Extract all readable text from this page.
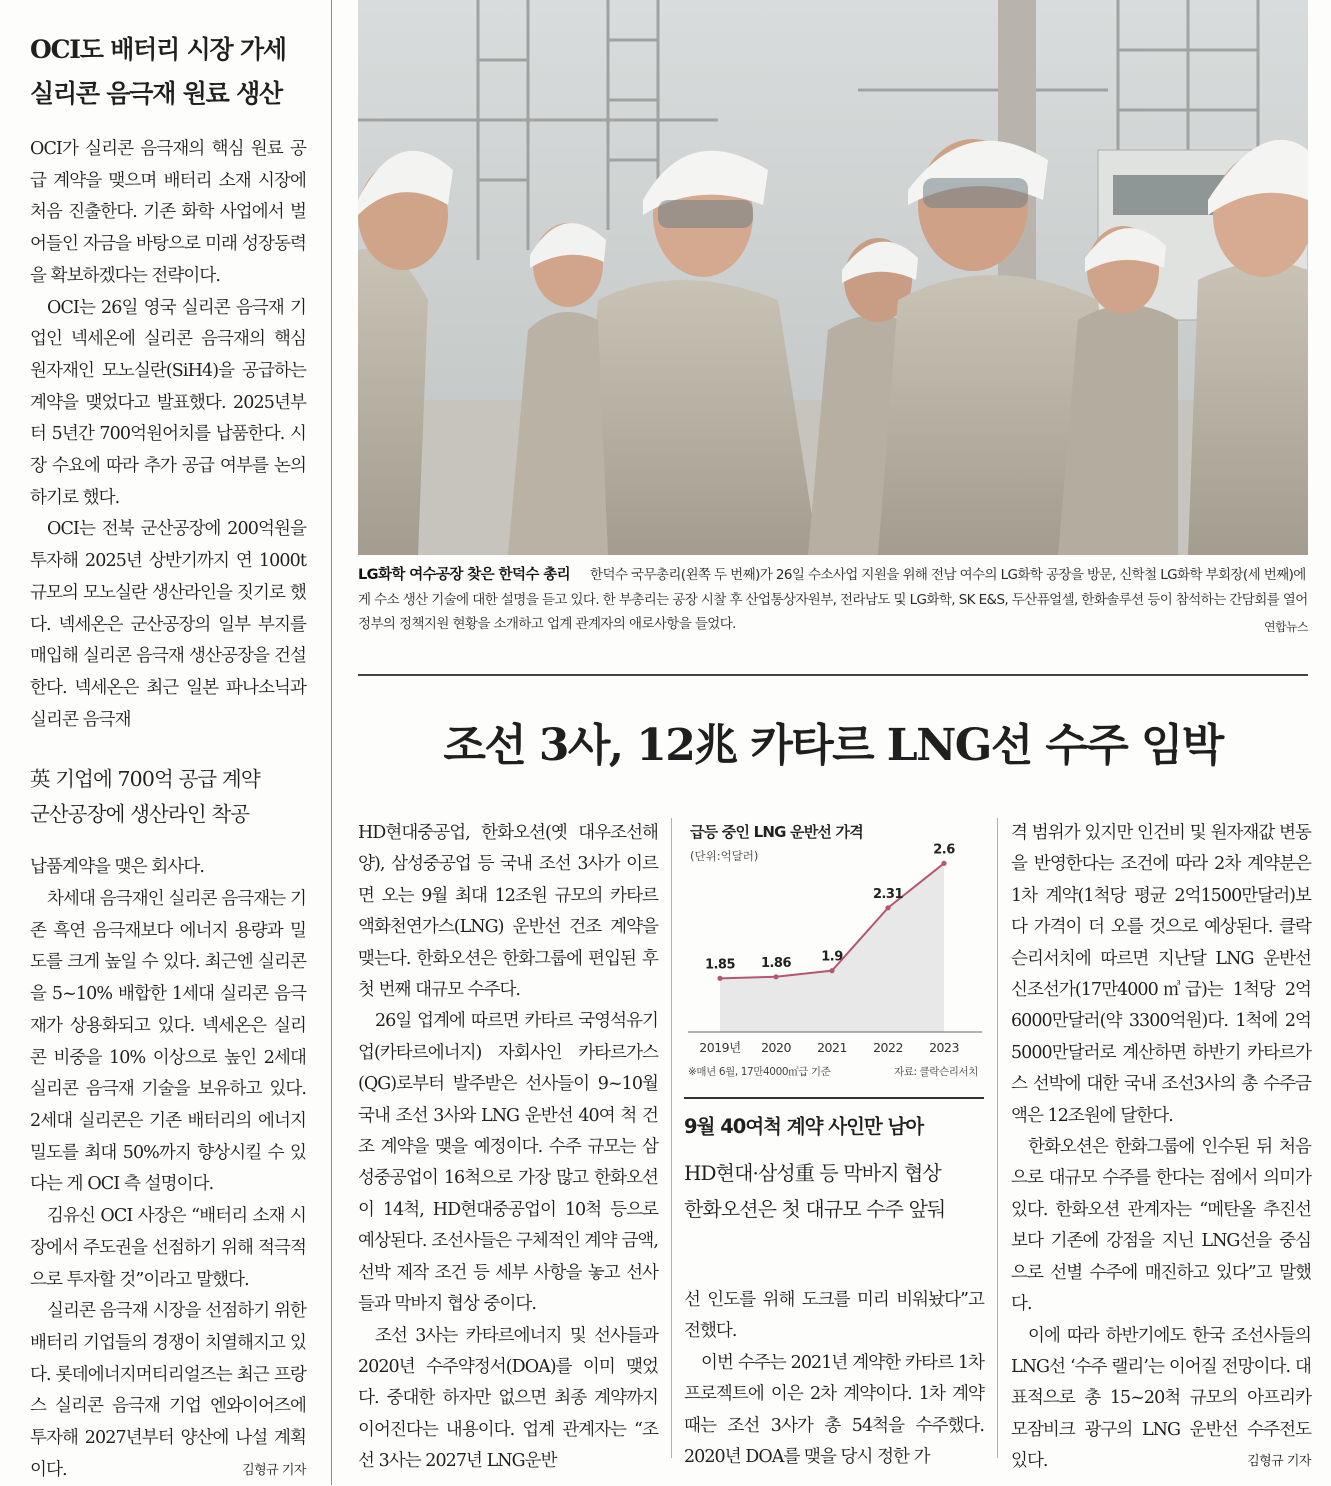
OCI도 배터리 시장 가세
실리콘 음극재 원료 생산

OCI가 실리콘 음극재의 핵심 원료 공급 계약을 맺으며 배터리 소재 시장에 처음 진출한다. 기존 화학 사업에서 벌어들인 자금을 바탕으로 미래 성장동력을 확보하겠다는 전략이다.

OCI는 26일 영국 실리콘 음극재 기업인 넥세온에 실리콘 음극재의 핵심 원자재인 모노실란(SiH4)을 공급하는 계약을 맺었다고 발표했다. 2025년부터 5년간 700억원어치를 납품한다. 시장 수요에 따라 추가 공급 여부를 논의하기로 했다.

OCI는 전북 군산공장에 200억원을 투자해 2025년 상반기까지 연 1000t 규모의 모노실란 생산라인을 짓기로 했다. 넥세온은 군산공장의 일부 부지를 매입해 실리콘 음극재 생산공장을 건설한다. 넥세온은 최근 일본 파나소닉과 실리콘 음극재

英 기업에 700억 공급 계약
군산공장에 생산라인 착공

납품계약을 맺은 회사다.

차세대 음극재인 실리콘 음극재는 기존 흑연 음극재보다 에너지 용량과 밀도를 크게 높일 수 있다. 최근엔 실리콘을 5~10% 배합한 1세대 실리콘 음극재가 상용화되고 있다. 넥세온은 실리콘 비중을 10% 이상으로 높인 2세대 실리콘 음극재 기술을 보유하고 있다. 2세대 실리콘은 기존 배터리의 에너지 밀도를 최대 50%까지 향상시킬 수 있다는 게 OCI 측 설명이다.

김유신 OCI 사장은 “배터리 소재 시장에서 주도권을 선점하기 위해 적극적으로 투자할 것”이라고 말했다.

실리콘 음극재 시장을 선점하기 위한 배터리 기업들의 경쟁이 치열해지고 있다. 롯데에너지머티리얼즈는 최근 프랑스 실리콘 음극재 기업 엔와이어즈에 투자해 2027년부터 양산에 나설 계획이다.	김형규 기자

LG화학 여수공장 찾은 한덕수 총리 한덕수 국무총리(왼쪽 두 번째)가 26일 수소사업 지원을 위해 전남 여수의 LG화학 공장을 방문, 신학철 LG화학 부회장(세 번째)에게 수소 생산 기술에 대한 설명을 듣고 있다. 한 부총리는 공장 시찰 후 산업통상자원부, 전라남도 및 LG화학, SK E&S, 두산퓨얼셀, 한화솔루션 등이 참석하는 간담회를 열어 정부의 정책지원 현황을 소개하고 업계 관계자의 애로사항을 들었다.	연합뉴스
조선 3사, 12兆 카타르 LNG선 수주 임박

HD현대중공업, 한화오션(옛 대우조선해양), 삼성중공업 등 국내 조선 3사가 이르면 오는 9월 최대 12조원 규모의 카타르 액화천연가스(LNG) 운반선 건조 계약을 맺는다. 한화오션은 한화그룹에 편입된 후 첫 번째 대규모 수주다.

26일 업계에 따르면 카타르 국영석유기업(카타르에너지) 자회사인 카타르가스(QG)로부터 발주받은 선사들이 9~10월 국내 조선 3사와 LNG 운반선 40여 척 건조 계약을 맺을 예정이다. 수주 규모는 삼성중공업이 16척으로 가장 많고 한화오션이 14척, HD현대중공업이 10척 등으로 예상된다. 조선사들은 구체적인 계약 금액, 선박 제작 조건 등 세부 사항을 놓고 선사들과 막바지 협상 중이다.

조선 3사는 카타르에너지 및 선사들과 2020년 수주약정서(DOA)를 이미 맺었다. 중대한 하자만 없으면 최종 계약까지 이어진다는 내용이다. 업계 관계자는 “조선 3사는 2027년 LNG운반

급등 중인 LNG 운반선 가격
(단위:억달러)
1.85
2019년
1.86
2020
1.9
2021
2.31
2022
2.6
2023
※매년 6월, 17만4000㎥급 기준	자료: 클락슨리서치
9월 40여척 계약 사인만 남아
HD현대·삼성重 등 막바지 협상
한화오션은 첫 대규모 수주 앞둬

선 인도를 위해 도크를 미리 비워놨다”고 전했다.

이번 수주는 2021년 계약한 카타르 1차 프로젝트에 이은 2차 계약이다. 1차 계약 때는 조선 3사가 총 54척을 수주했다. 2020년 DOA를 맺을 당시 정한 가

격 범위가 있지만 인건비 및 원자재값 변동을 반영한다는 조건에 따라 2차 계약분은 1차 계약(1척당 평균 2억1500만달러)보다 가격이 더 오를 것으로 예상된다. 클락슨리서치에 따르면 지난달 LNG 운반선 신조선가(17만4000㎥급)는 1척당 2억6000만달러(약 3300억원)다. 1척에 2억5000만달러로 계산하면 하반기 카타르가스 선박에 대한 국내 조선3사의 총 수주금액은 12조원에 달한다.

한화오션은 한화그룹에 인수된 뒤 처음으로 대규모 수주를 한다는 점에서 의미가 있다. 한화오션 관계자는 “메탄올 추진선보다 기존에 강점을 지닌 LNG선을 중심으로 선별 수주에 매진하고 있다”고 말했다.

이에 따라 하반기에도 한국 조선사들의 LNG선 ‘수주 랠리’는 이어질 전망이다. 대표적으로 총 15~20척 규모의 아프리카 모잠비크 광구의 LNG 운반선 수주전도 있다.	김형규 기자
